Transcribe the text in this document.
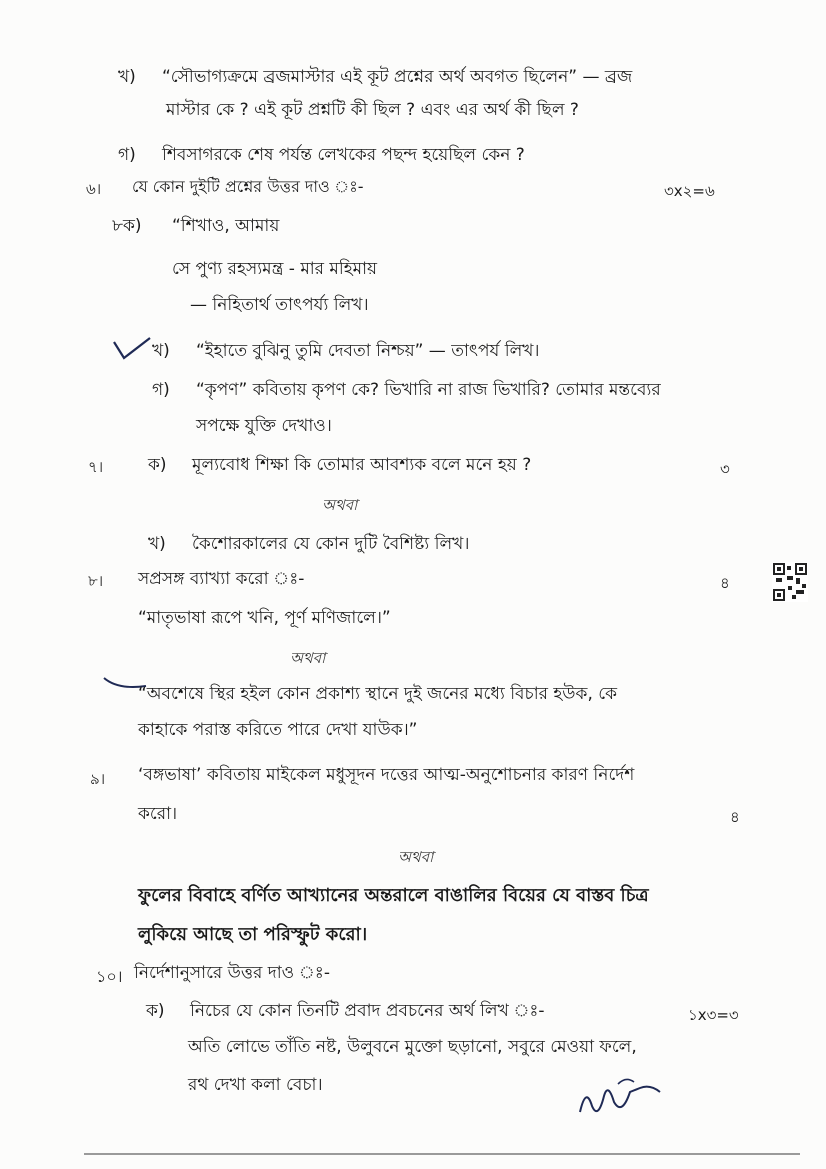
খ) “সৌভাগ্যক্রমে ব্রজমাস্টার এই কূট প্রশ্নের অর্থ অবগত ছিলেন” — ব্রজ
মাস্টার কে ? এই কূট প্রশ্নটি কী ছিল ? এবং এর অর্থ কী ছিল ?
গ) শিবসাগরকে শেষ পর্যন্ত লেখকের পছন্দ হয়েছিল কেন ?
৬। যে কোন দুইটি প্রশ্নের উত্তর দাও ঃ-	৩x২=৬
৮ক) “শিখাও, আমায়
সে পুণ্য রহস্যমন্ত্র - মার মহিমায়
— নিহিতার্থ তাৎপর্য্য লিখ।
খ) “ইহাতে বুঝিনু তুমি দেবতা নিশ্চয়” — তাৎপর্য লিখ।
গ) “কৃপণ” কবিতায় কৃপণ কে? ভিখারি না রাজ ভিখারি? তোমার মন্তব্যের
সপক্ষে যুক্তি দেখাও।
৭।	ক) মূল্যবোধ শিক্ষা কি তোমার আবশ্যক বলে মনে হয় ?	৩
অথবা
খ) কৈশোরকালের যে কোন দুটি বৈশিষ্ট্য লিখ।
৮। সপ্রসঙ্গ ব্যাখ্যা করো ঃ-	৪
“মাতৃভাষা রূপে খনি, পূর্ণ মণিজালে।”
অথবা
“অবশেষে স্থির হইল কোন প্রকাশ্য স্থানে দুই জনের মধ্যে বিচার হউক, কে
কাহাকে পরাস্ত করিতে পারে দেখা যাউক।”
৯। ‘বঙ্গভাষা’ কবিতায় মাইকেল মধুসূদন দত্তের আত্ম-অনুশোচনার কারণ নির্দেশ
করো।	৪
অথবা
ফুলের বিবাহে বর্ণিত আখ্যানের অন্তরালে বাঙালির বিয়ের যে বাস্তব চিত্র
লুকিয়ে আছে তা পরিস্ফুট করো।
১০। নির্দেশানুসারে উত্তর দাও ঃ-
ক) নিচের যে কোন তিনটি প্রবাদ প্রবচনের অর্থ লিখ ঃ-	১x৩=৩
অতি লোভে তাঁতি নষ্ট, উলুবনে মুক্তো ছড়ানো, সবুরে মেওয়া ফলে,
রথ দেখা কলা বেচা।
